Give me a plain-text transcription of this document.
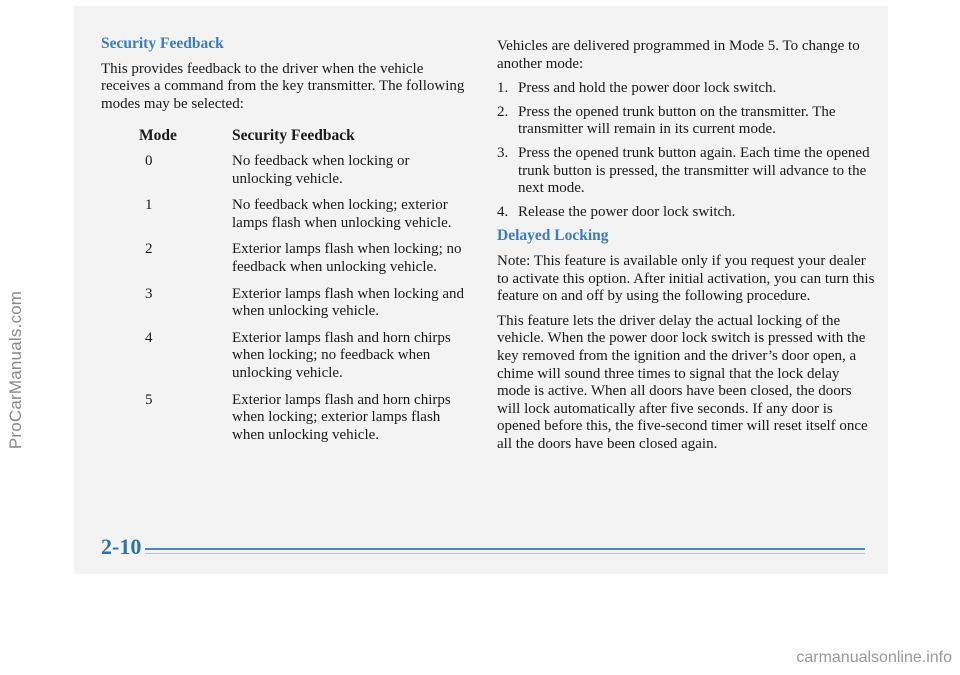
ProCarManuals.com
Security Feedback

This provides feedback to the driver when the vehicle receives a command from the key transmitter. The following modes may be selected:

Mode	Security Feedback
0	No feedback when locking or unlocking vehicle.
1	No feedback when locking; exterior lamps flash when unlocking vehicle.
2	Exterior lamps flash when locking; no feedback when unlocking vehicle.
3	Exterior lamps flash when locking and when unlocking vehicle.
4	Exterior lamps flash and horn chirps when locking; no feedback when unlocking vehicle.
5	Exterior lamps flash and horn chirps when locking; exterior lamps flash when unlocking vehicle.

Vehicles are delivered programmed in Mode 5. To change to another mode:

1. Press and hold the power door lock switch.
2. Press the opened trunk button on the transmitter. The transmitter will remain in its current mode.
3. Press the opened trunk button again. Each time the opened trunk button is pressed, the transmitter will advance to the next mode.
4. Release the power door lock switch.
Delayed Locking

Note: This feature is available only if you request your dealer to activate this option. After initial activation, you can turn this feature on and off by using the following procedure.

This feature lets the driver delay the actual locking of the vehicle. When the power door lock switch is pressed with the key removed from the ignition and the driver’s door open, a chime will sound three times to signal that the lock delay mode is active. When all doors have been closed, the doors will lock automatically after five seconds. If any door is opened before this, the five-second timer will reset itself once all the doors have been closed again.

2-10
carmanualsonline.info
